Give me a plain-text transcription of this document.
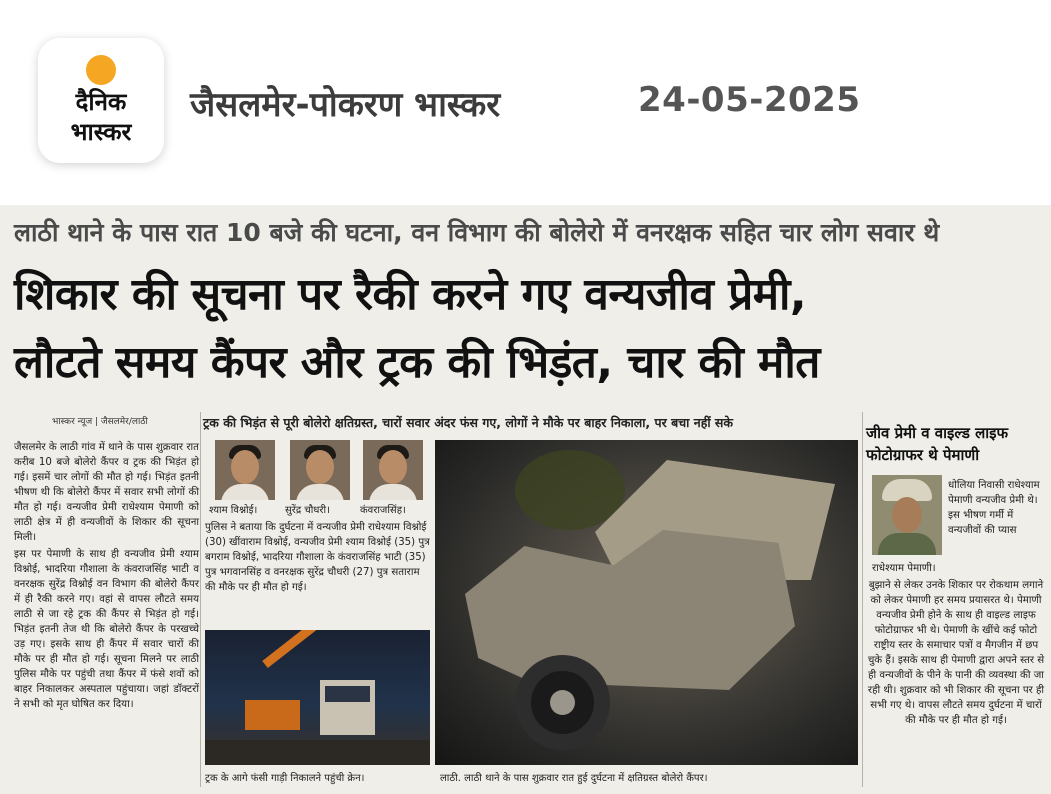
दैनिक
भास्कर
जैसलमेर-पोकरण भास्कर	24-05-2025
लाठी थाने के पास रात 10 बजे की घटना, वन विभाग की बोलेरो में वनरक्षक सहित चार लोग सवार थे
शिकार की सूचना पर रैकी करने गए वन्यजीव प्रेमी,
लौटते समय कैंपर और ट्रक की भिड़ंत, चार की मौत
भास्कर न्यूज | जैसलमेर/लाठी

जैसलमेर के लाठी गांव में थाने के पास शुक्रवार रात करीब 10 बजे बोलेरो कैंपर व ट्रक की भिड़ंत हो गई। इसमें चार लोगों की मौत हो गई। भिड़ंत इतनी भीषण थी कि बोलेरो कैंपर में सवार सभी लोगों की मौत हो गई। वन्यजीव प्रेमी राधेश्याम पेमाणी को लाठी क्षेत्र में ही वन्यजीवों के शिकार की सूचना मिली।

इस पर पेमाणी के साथ ही वन्यजीव प्रेमी श्याम विश्नोई, भादरिया गौशाला के कंवराजसिंह भाटी व वनरक्षक सुरेंद्र विश्नोई वन विभाग की बोलेरो कैंपर में ही रैकी करने गए। वहां से वापस लौटते समय लाठी से जा रहे ट्रक की कैंपर से भिड़ंत हो गई। भिड़ंत इतनी तेज थी कि बोलेरो कैंपर के परखच्चे उड़ गए। इसके साथ ही कैंपर में सवार चारों की मौके पर ही मौत हो गई। सूचना मिलने पर लाठी पुलिस मौके पर पहुंची तथा कैंपर में फंसे शवों को बाहर निकालकर अस्पताल पहुंचाया। जहां डॉक्टरों ने सभी को मृत घोषित कर दिया।

ट्रक की भिड़ंत से पूरी बोलेरो क्षतिग्रस्त, चारों सवार अंदर फंस गए, लोगों ने मौके पर बाहर निकाला, पर बचा नहीं सके
श्याम विश्नोई।	सुरेंद्र चौधरी।	कंवराजसिंह।
पुलिस ने बताया कि दुर्घटना में वन्यजीव प्रेमी राधेश्याम विश्नोई (30) खींवाराम विश्नोई, वन्यजीव प्रेमी श्याम विश्नोई (35) पुत्र बगराम विश्नोई, भादरिया गौशाला के कंवराजसिंह भाटी (35) पुत्र भगवानसिंह व वनरक्षक सुरेंद्र चौधरी (27) पुत्र सताराम की मौके पर ही मौत हो गई।
ट्रक के आगे फंसी गाड़ी निकालने पहुंची क्रेन।	लाठी. लाठी थाने के पास शुक्रवार रात हुई दुर्घटना में क्षतिग्रस्त बोलेरो कैंपर।
जीव प्रेमी व वाइल्ड लाइफ फोटोग्राफर थे पेमाणी
धोलिया निवासी राधेश्याम पेमाणी वन्यजीव प्रेमी थे। इस भीषण गर्मी में वन्यजीवों की प्यास
राधेश्याम पेमाणी।
बुझाने से लेकर उनके शिकार पर रोकथाम लगाने को लेकर पेमाणी हर समय प्रयासरत थे। पेमाणी वन्यजीव प्रेमी होने के साथ ही वाइल्ड लाइफ फोटोग्राफर भी थे। पेमाणी के खींचे कई फोटो राष्ट्रीय स्तर के समाचार पत्रों व मैगजीन में छप चुके हैं। इसके साथ ही पेमाणी द्वारा अपने स्तर से ही वन्यजीवों के पीने के पानी की व्यवस्था की जा रही थी। शुक्रवार को भी शिकार की सूचना पर ही सभी गए थे। वापस लौटते समय दुर्घटना में चारों की मौके पर ही मौत हो गई।
